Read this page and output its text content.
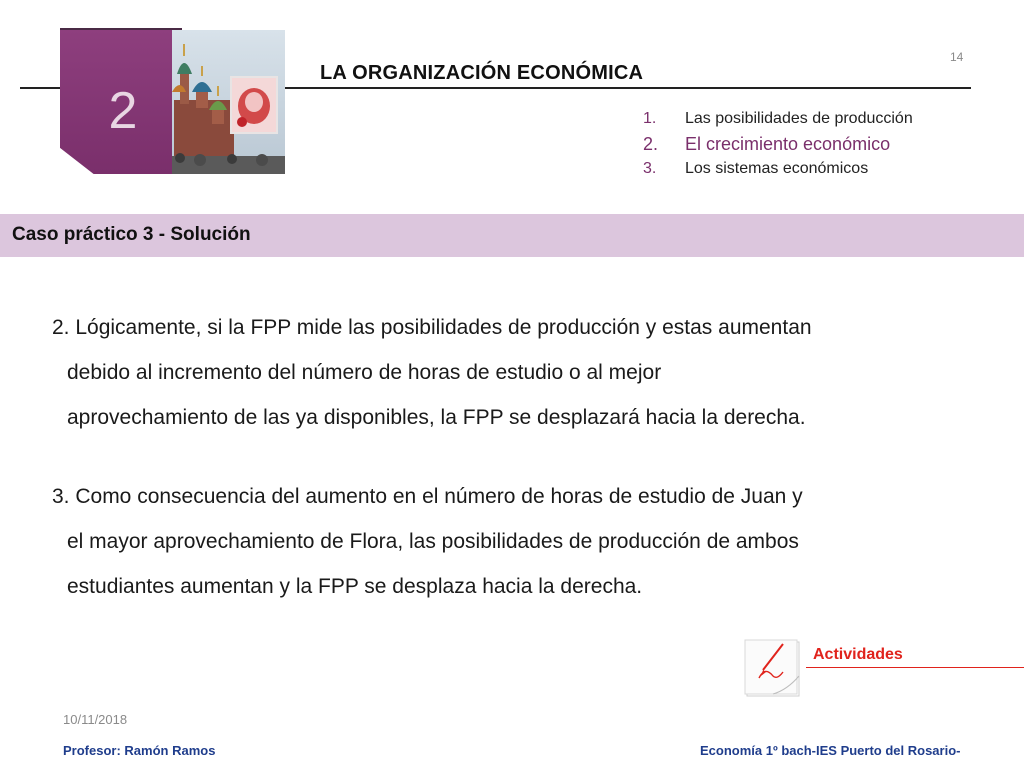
2
LA ORGANIZACIÓN ECONÓMICA
14
1. Las posibilidades de producción
2. El crecimiento económico
3. Los sistemas económicos
Caso práctico 3 - Solución
2. Lógicamente, si la FPP mide las posibilidades de producción y estas aumentan
debido al incremento del número de horas de estudio o al mejor
aprovechamiento de las ya disponibles, la FPP se desplazará hacia la derecha.
3. Como consecuencia del aumento en el número de horas de estudio de Juan y
el mayor aprovechamiento de Flora, las posibilidades de producción de ambos
estudiantes aumentan y la FPP se desplaza hacia la derecha.
Actividades
10/11/2018
Profesor: Ramón Ramos	Economía 1º bach-IES Puerto del Rosario-
